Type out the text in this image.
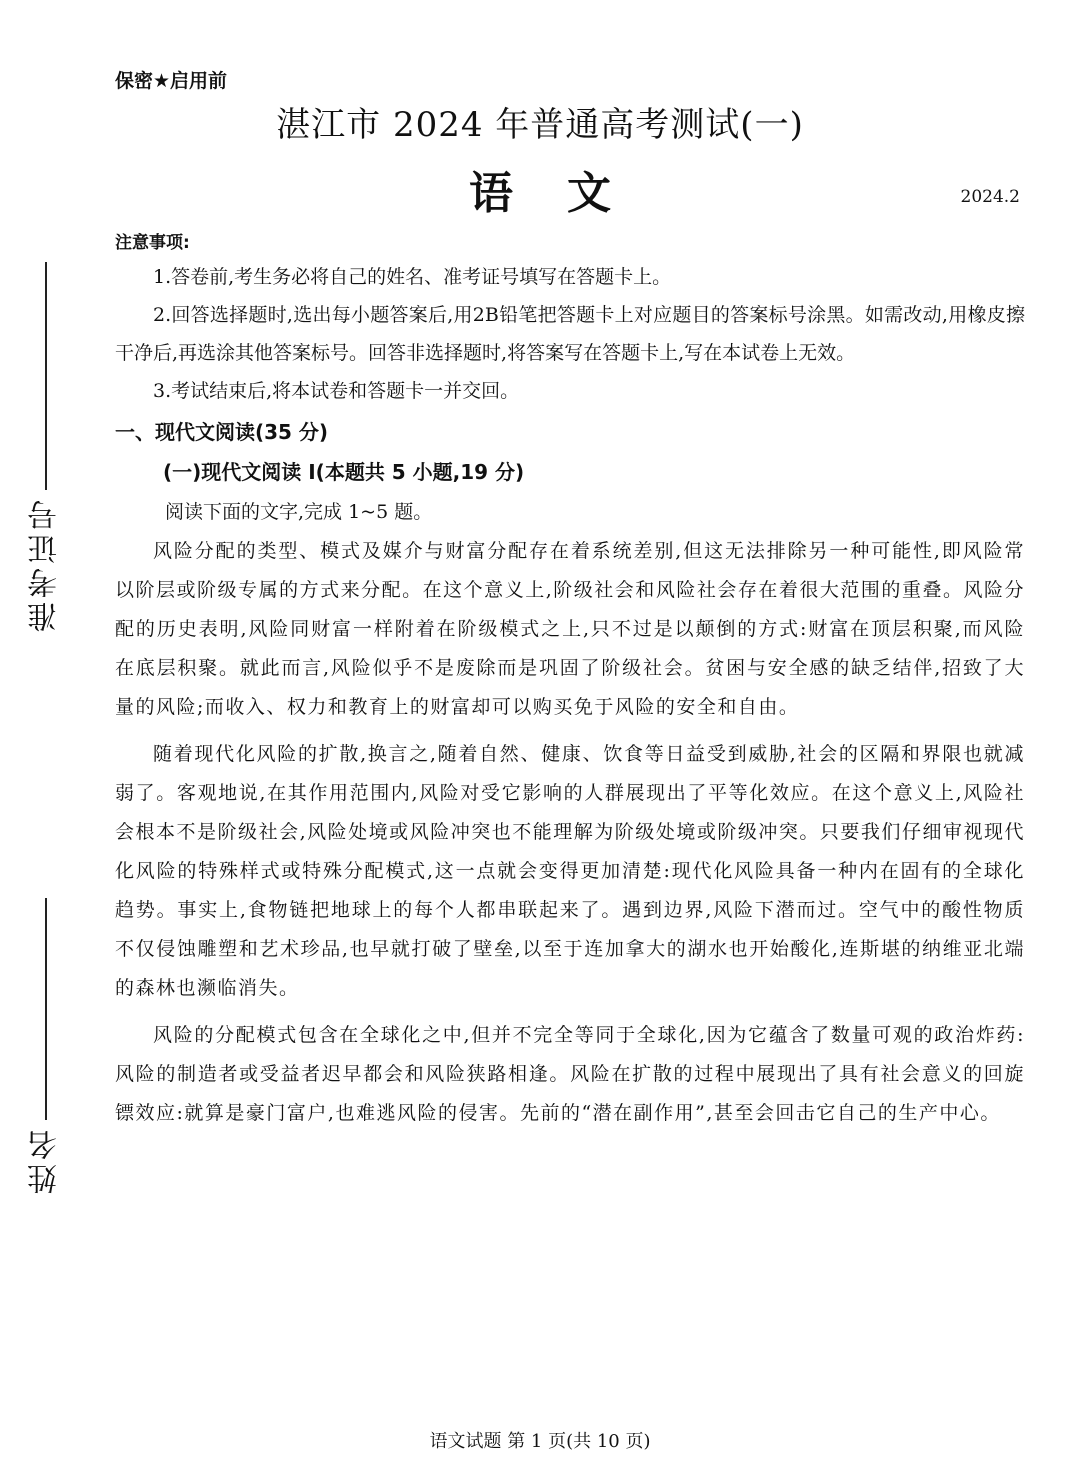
准考证号
姓名
保密★启用前
湛江市 2024 年普通高考测试(一)
语文	2024.2
注意事项:

1.答卷前,考生务必将自己的姓名、准考证号填写在答题卡上。

2.回答选择题时,选出每小题答案后,用2B铅笔把答题卡上对应题目的答案标号涂黑。如需改动,用橡皮擦干净后,再选涂其他答案标号。回答非选择题时,将答案写在答题卡上,写在本试卷上无效。

3.考试结束后,将本试卷和答题卡一并交回。

一、现代文阅读(35 分)
(一)现代文阅读 I(本题共 5 小题,19 分)
阅读下面的文字,完成 1~5 题。

风险分配的类型、模式及媒介与财富分配存在着系统差别,但这无法排除另一种可能性,即风险常以阶层或阶级专属的方式来分配。在这个意义上,阶级社会和风险社会存在着很大范围的重叠。风险分配的历史表明,风险同财富一样附着在阶级模式之上,只不过是以颠倒的方式:财富在顶层积聚,而风险在底层积聚。就此而言,风险似乎不是废除而是巩固了阶级社会。贫困与安全感的缺乏结伴,招致了大量的风险;而收入、权力和教育上的财富却可以购买免于风险的安全和自由。

随着现代化风险的扩散,换言之,随着自然、健康、饮食等日益受到威胁,社会的区隔和界限也就减弱了。客观地说,在其作用范围内,风险对受它影响的人群展现出了平等化效应。在这个意义上,风险社会根本不是阶级社会,风险处境或风险冲突也不能理解为阶级处境或阶级冲突。只要我们仔细审视现代化风险的特殊样式或特殊分配模式,这一点就会变得更加清楚:现代化风险具备一种内在固有的全球化趋势。事实上,食物链把地球上的每个人都串联起来了。遇到边界,风险下潜而过。空气中的酸性物质不仅侵蚀雕塑和艺术珍品,也早就打破了壁垒,以至于连加拿大的湖水也开始酸化,连斯堪的纳维亚北端的森林也濒临消失。

风险的分配模式包含在全球化之中,但并不完全等同于全球化,因为它蕴含了数量可观的政治炸药:风险的制造者或受益者迟早都会和风险狭路相逢。风险在扩散的过程中展现出了具有社会意义的回旋镖效应:就算是豪门富户,也难逃风险的侵害。先前的“潜在副作用”,甚至会回击它自己的生产中心。

语文试题 第 1 页(共 10 页)
